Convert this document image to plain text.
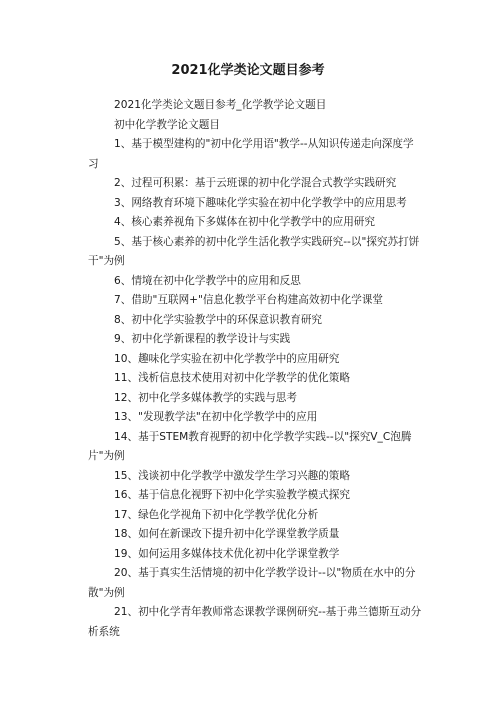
2021化学类论文题目参考

2021化学类论文题目参考_化学教学论文题目

初中化学教学论文题目

1、基于模型建构的"初中化学用语"教学--从知识传递走向深度学习

2、过程可积累：基于云班课的初中化学混合式教学实践研究

3、网络教育环境下趣味化学实验在初中化学教学中的应用思考

4、核心素养视角下多媒体在初中化学教学中的应用研究

5、基于核心素养的初中化学生活化教学实践研究--以"探究苏打饼干"为例

6、情境在初中化学教学中的应用和反思

7、借助"互联网+"信息化教学平台构建高效初中化学课堂

8、初中化学实验教学中的环保意识教育研究

9、初中化学新课程的教学设计与实践

10、趣味化学实验在初中化学教学中的应用研究

11、浅析信息技术使用对初中化学教学的优化策略

12、初中化学多媒体教学的实践与思考

13、"发现教学法"在初中化学教学中的应用

14、基于STEM教育视野的初中化学教学实践--以"探究V_C泡腾片"为例

15、浅谈初中化学教学中激发学生学习兴趣的策略

16、基于信息化视野下初中化学实验教学模式探究

17、绿色化学视角下初中化学教学优化分析

18、如何在新课改下提升初中化学课堂教学质量

19、如何运用多媒体技术优化初中化学课堂教学

20、基于真实生活情境的初中化学教学设计--以"物质在水中的分散"为例

21、初中化学青年教师常态课教学课例研究--基于弗兰德斯互动分析系统
